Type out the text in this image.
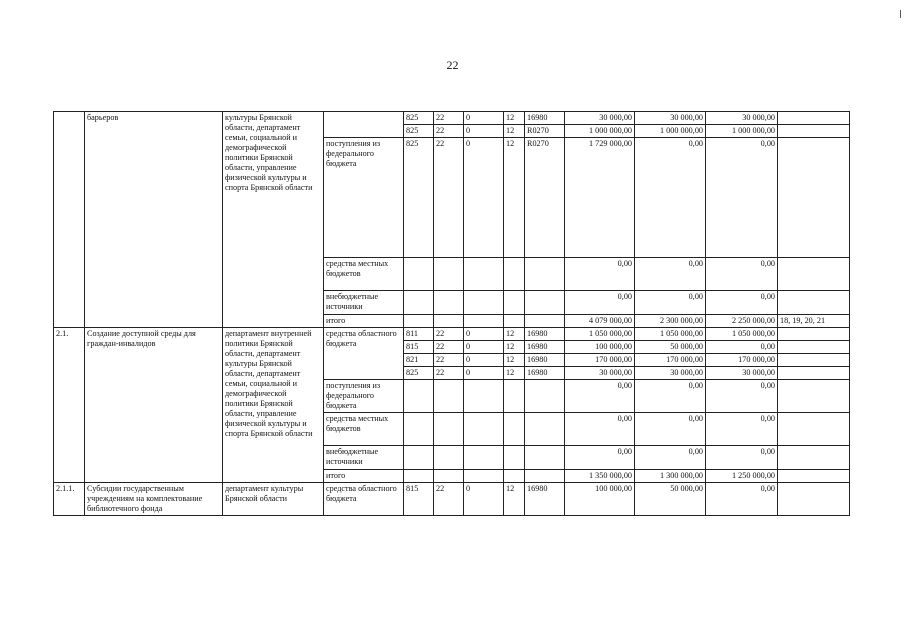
22
	барьеров	культуры Брянской области, департамент семьи, социальной и демографической политики Брянской области, управление физической культуры и спорта Брянской области		825	22	0	12	16980	30 000,00	30 000,00	30 000,00	
				825	22	0	12	R0270	1 000 000,00	1 000 000,00	1 000 000,00	
			поступления из федерального бюджета	825	22	0	12	R0270	1 729 000,00	0,00	0,00	
			средства местных бюджетов						0,00	0,00	0,00	
			внебюджетные источники						0,00	0,00	0,00	
			итого						4 079 000,00	2 300 000,00	2 250 000,00	18, 19, 20, 21
2.1.	Создание доступной среды для граждан-инвалидов	департамент внутренней политики Брянской области, департамент культуры Брянской области, департамент семьи, социальной и демографической политики Брянской области, управление физической культуры и спорта Брянской области	средства областного бюджета	811	22	0	12	16980	1 050 000,00	1 050 000,00	1 050 000,00	
				815	22	0	12	16980	100 000,00	50 000,00	0,00	
				821	22	0	12	16980	170 000,00	170 000,00	170 000,00	
				825	22	0	12	16980	30 000,00	30 000,00	30 000,00	
			поступления из федерального бюджета						0,00	0,00	0,00	
			средства местных бюджетов						0,00	0,00	0,00	
			внебюджетные источники						0,00	0,00	0,00	
			итого						1 350 000,00	1 300 000,00	1 250 000,00	
2.1.1.	Субсидии государственным учреждениям на комплектование библиотечного фонда	департамент культуры Брянской области	средства областного бюджета	815	22	0	12	16980	100 000,00	50 000,00	0,00	
